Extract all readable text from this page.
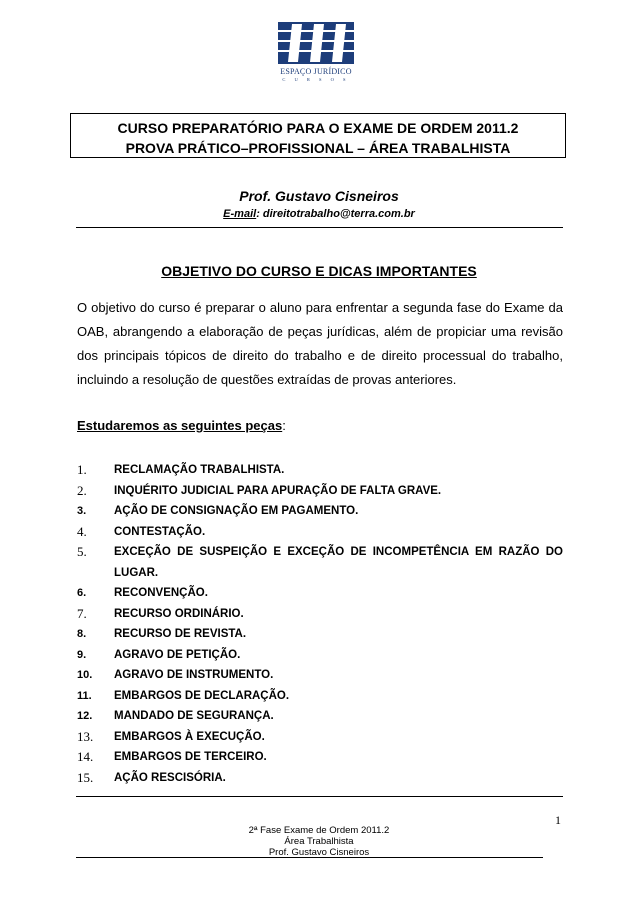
ESPAÇO JURÍDICO
C U R S O S
CURSO PREPARATÓRIO PARA O EXAME DE ORDEM 2011.2
PROVA PRÁTICO–PROFISSIONAL – ÁREA TRABALHISTA
Prof. Gustavo Cisneiros
E-mail: direitotrabalho@terra.com.br
OBJETIVO DO CURSO E DICAS IMPORTANTES
O objetivo do curso é preparar o aluno para enfrentar a segunda fase do Exame da OAB, abrangendo a elaboração de peças jurídicas, além de propiciar uma revisão dos principais tópicos de direito do trabalho e de direito processual do trabalho, incluindo a resolução de questões extraídas de provas anteriores.
Estudaremos as seguintes peças:
1. RECLAMAÇÃO TRABALHISTA.
2. INQUÉRITO JUDICIAL PARA APURAÇÃO DE FALTA GRAVE.
3. AÇÃO DE CONSIGNAÇÃO EM PAGAMENTO.
4. CONTESTAÇÃO.
5. EXCEÇÃO DE SUSPEIÇÃO E EXCEÇÃO DE INCOMPETÊNCIA EM RAZÃO DO LUGAR.
6. RECONVENÇÃO.
7. RECURSO ORDINÁRIO.
8. RECURSO DE REVISTA.
9. AGRAVO DE PETIÇÃO.
10. AGRAVO DE INSTRUMENTO.
11. EMBARGOS DE DECLARAÇÃO.
12. MANDADO DE SEGURANÇA.
13. EMBARGOS À EXECUÇÃO.
14. EMBARGOS DE TERCEIRO.
15. AÇÃO RESCISÓRIA.
1
2ª Fase Exame de Ordem 2011.2
Área Trabalhista
Prof. Gustavo Cisneiros
